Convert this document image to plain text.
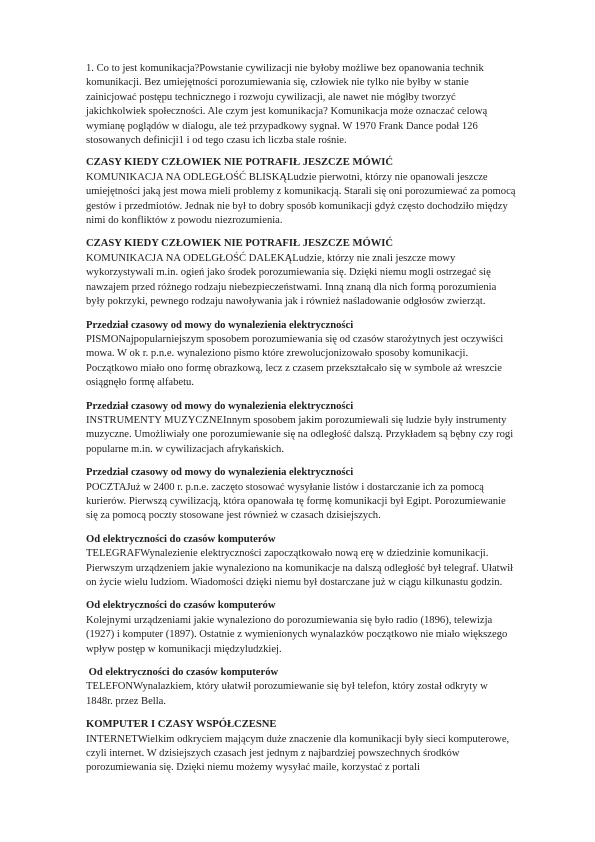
1. Co to jest komunikacja?Powstanie cywilizacji nie byłoby możliwe bez opanowania technik komunikacji. Bez umiejętności porozumiewania się, człowiek nie tylko nie byłby w stanie zainicjować postępu technicznego i rozwoju cywilizacji, ale nawet nie mógłby tworzyć jakichkolwiek społeczności. Ale czym jest komunikacja? Komunikacja może oznaczać celową wymianę poglądów w dialogu, ale też przypadkowy sygnał. W 1970 Frank Dance podał 126 stosowanych definicji1 i od tego czasu ich liczba stale rośnie.

CZASY KIEDY CZŁOWIEK NIE POTRAFIŁ JESZCZE MÓWIĆ

KOMUNIKACJA NA ODLEGŁOŚĆ BLISKĄLudzie pierwotni, którzy nie opanowali jeszcze umiejętności jaką jest mowa mieli problemy z komunikacją. Starali się oni porozumiewać za pomocą gestów i przedmiotów. Jednak nie był to dobry sposób komunikacji gdyż często dochodziło między nimi do konfliktów z powodu niezrozumienia.

CZASY KIEDY CZŁOWIEK NIE POTRAFIŁ JESZCZE MÓWIĆ

KOMUNIKACJA NA ODELGŁOŚĆ DALEKĄLudzie, którzy nie znali jeszcze mowy wykorzystywali m.in. ogień jako środek porozumiewania się. Dzięki niemu mogli ostrzegać się nawzajem przed różnego rodzaju niebezpieczeństwami. Inną znaną dla nich formą porozumienia były pokrzyki, pewnego rodzaju nawoływania jak i również naśladowanie odgłosów zwierząt.

Przedział czasowy od mowy do wynalezienia elektryczności

PISMONajpopularniejszym sposobem porozumiewania się od czasów starożytnych jest oczywiści mowa. W ok r. p.n.e. wynaleziono pismo które zrewolucjonizowało sposoby komunikacji. Początkowo miało ono formę obrazkową, lecz z czasem przekształcało się w symbole aż wreszcie osiągnęło formę alfabetu.

Przedział czasowy od mowy do wynalezienia elektryczności

INSTRUMENTY MUZYCZNEInnym sposobem jakim porozumiewali się ludzie były instrumenty muzyczne. Umożliwiały one porozumiewanie się na odległość dalszą. Przykładem są bębny czy rogi popularne m.in. w cywilizacjach afrykańskich.

Przedział czasowy od mowy do wynalezienia elektryczności

POCZTAJuż w 2400 r. p.n.e. zaczęto stosować wysyłanie listów i dostarczanie ich za pomocą kurierów. Pierwszą cywilizacją, która opanowała tę formę komunikacji był Egipt. Porozumiewanie się za pomocą poczty stosowane jest również w czasach dzisiejszych.

Od elektryczności do czasów komputerów

TELEGRAFWynalezienie elektryczności zapoczątkowało nową erę w dziedzinie komunikacji. Pierwszym urządzeniem jakie wynaleziono na komunikacje na dalszą odległość był telegraf. Ułatwił on życie wielu ludziom. Wiadomości dzięki niemu był dostarczane już w ciągu kilkunastu godzin.

Od elektryczności do czasów komputerów

Kolejnymi urządzeniami jakie wynaleziono do porozumiewania się było radio (1896), telewizja (1927) i komputer (1897). Ostatnie z wymienionych wynalazków początkowo nie miało większego wpływ postęp w komunikacji międzyludzkiej.

Od elektryczności do czasów komputerów

TELEFONWynalazkiem, który ułatwił porozumiewanie się był telefon, który został odkryty w 1848r. przez Bella.

KOMPUTER I CZASY WSPÓŁCZESNE

INTERNETWielkim odkryciem mającym duże znaczenie dla komunikacji były sieci komputerowe, czyli internet. W dzisiejszych czasach jest jednym z najbardziej powszechnych środków porozumiewania się. Dzięki niemu możemy wysyłać maile, korzystać z portali
